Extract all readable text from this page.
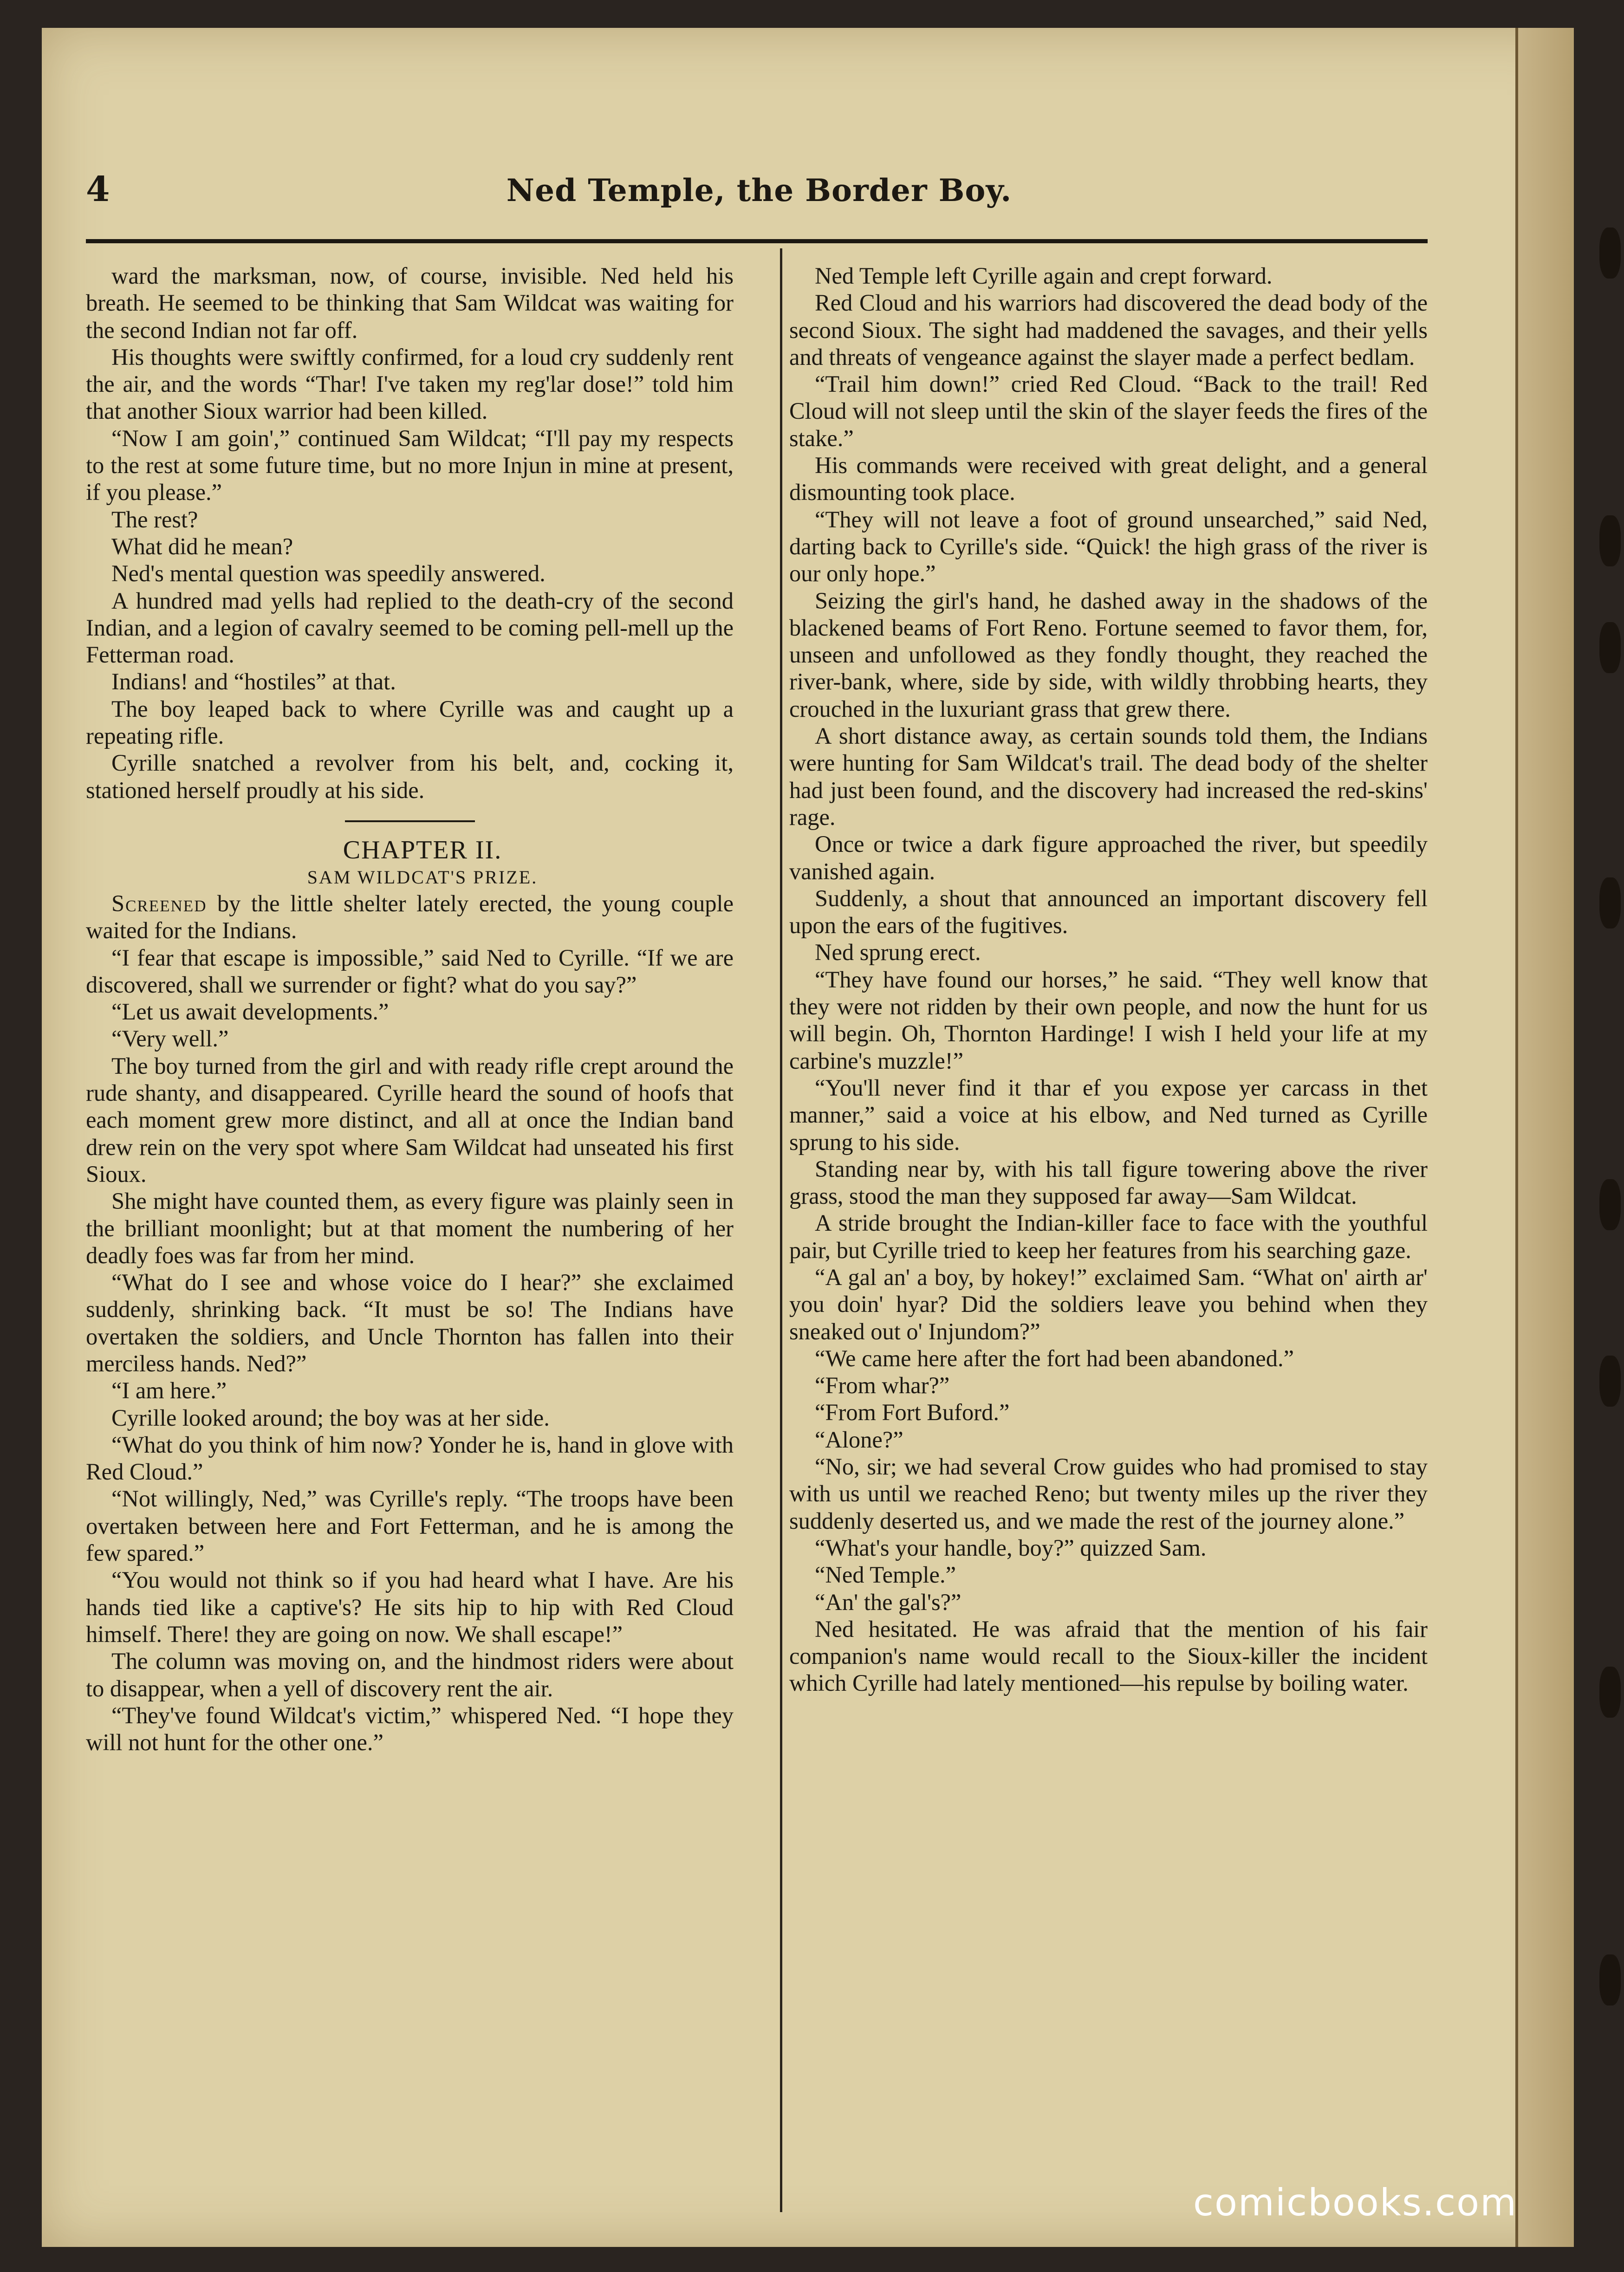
4	Ned Temple, the Border Boy.

ward the marksman, now, of course, invisible. Ned held his breath. He seemed to be thinking that Sam Wildcat was waiting for the second Indian not far off.

His thoughts were swiftly confirmed, for a loud cry suddenly rent the air, and the words “Thar! I've taken my reg'lar dose!” told him that another Sioux warrior had been killed.

“Now I am goin',” continued Sam Wildcat; “I'll pay my respects to the rest at some future time, but no more Injun in mine at present, if you please.”

The rest?

What did he mean?

Ned's mental question was speedily answered.

A hundred mad yells had replied to the death-cry of the second Indian, and a legion of cavalry seemed to be coming pell-mell up the Fetterman road.

Indians! and “hostiles” at that.

The boy leaped back to where Cyrille was and caught up a repeating rifle.

Cyrille snatched a revolver from his belt, and, cocking it, stationed herself proudly at his side.

CHAPTER II.

SAM WILDCAT'S PRIZE.

Screened by the little shelter lately erected, the young couple waited for the Indians.

“I fear that escape is impossible,” said Ned to Cyrille. “If we are discovered, shall we surrender or fight? what do you say?”

“Let us await developments.”

“Very well.”

The boy turned from the girl and with ready rifle crept around the rude shanty, and disappeared. Cyrille heard the sound of hoofs that each moment grew more distinct, and all at once the Indian band drew rein on the very spot where Sam Wildcat had unseated his first Sioux.

She might have counted them, as every figure was plainly seen in the brilliant moonlight; but at that moment the numbering of her deadly foes was far from her mind.

“What do I see and whose voice do I hear?” she exclaimed suddenly, shrinking back. “It must be so! The Indians have overtaken the soldiers, and Uncle Thornton has fallen into their merciless hands. Ned?”

“I am here.”

Cyrille looked around; the boy was at her side.

“What do you think of him now? Yonder he is, hand in glove with Red Cloud.”

“Not willingly, Ned,” was Cyrille's reply. “The troops have been overtaken between here and Fort Fetterman, and he is among the few spared.”

“You would not think so if you had heard what I have. Are his hands tied like a captive's? He sits hip to hip with Red Cloud himself. There! they are going on now. We shall escape!”

The column was moving on, and the hindmost riders were about to disappear, when a yell of discovery rent the air.

“They've found Wildcat's victim,” whispered Ned. “I hope they will not hunt for the other one.”

Ned Temple left Cyrille again and crept forward.

Red Cloud and his warriors had discovered the dead body of the second Sioux. The sight had maddened the savages, and their yells and threats of vengeance against the slayer made a perfect bedlam.

“Trail him down!” cried Red Cloud. “Back to the trail! Red Cloud will not sleep until the skin of the slayer feeds the fires of the stake.”

His commands were received with great delight, and a general dismounting took place.

“They will not leave a foot of ground unsearched,” said Ned, darting back to Cyrille's side. “Quick! the high grass of the river is our only hope.”

Seizing the girl's hand, he dashed away in the shadows of the blackened beams of Fort Reno. Fortune seemed to favor them, for, unseen and unfollowed as they fondly thought, they reached the river-bank, where, side by side, with wildly throbbing hearts, they crouched in the luxuriant grass that grew there.

A short distance away, as certain sounds told them, the Indians were hunting for Sam Wildcat's trail. The dead body of the shelter had just been found, and the discovery had increased the red-skins' rage.

Once or twice a dark figure approached the river, but speedily vanished again.

Suddenly, a shout that announced an important discovery fell upon the ears of the fugitives.

Ned sprung erect.

“They have found our horses,” he said. “They well know that they were not ridden by their own people, and now the hunt for us will begin. Oh, Thornton Hardinge! I wish I held your life at my carbine's muzzle!”

“You'll never find it thar ef you expose yer carcass in thet manner,” said a voice at his elbow, and Ned turned as Cyrille sprung to his side.

Standing near by, with his tall figure towering above the river grass, stood the man they supposed far away—Sam Wildcat.

A stride brought the Indian-killer face to face with the youthful pair, but Cyrille tried to keep her features from his searching gaze.

“A gal an' a boy, by hokey!” exclaimed Sam. “What on' airth ar' you doin' hyar? Did the soldiers leave you behind when they sneaked out o' Injundom?”

“We came here after the fort had been abandoned.”

“From whar?”

“From Fort Buford.”

“Alone?”

“No, sir; we had several Crow guides who had promised to stay with us until we reached Reno; but twenty miles up the river they suddenly deserted us, and we made the rest of the journey alone.”

“What's your handle, boy?” quizzed Sam.

“Ned Temple.”

“An' the gal's?”

Ned hesitated. He was afraid that the mention of his fair companion's name would recall to the Sioux-killer the incident which Cyrille had lately mentioned—his repulse by boiling water.

comicbooks.com
